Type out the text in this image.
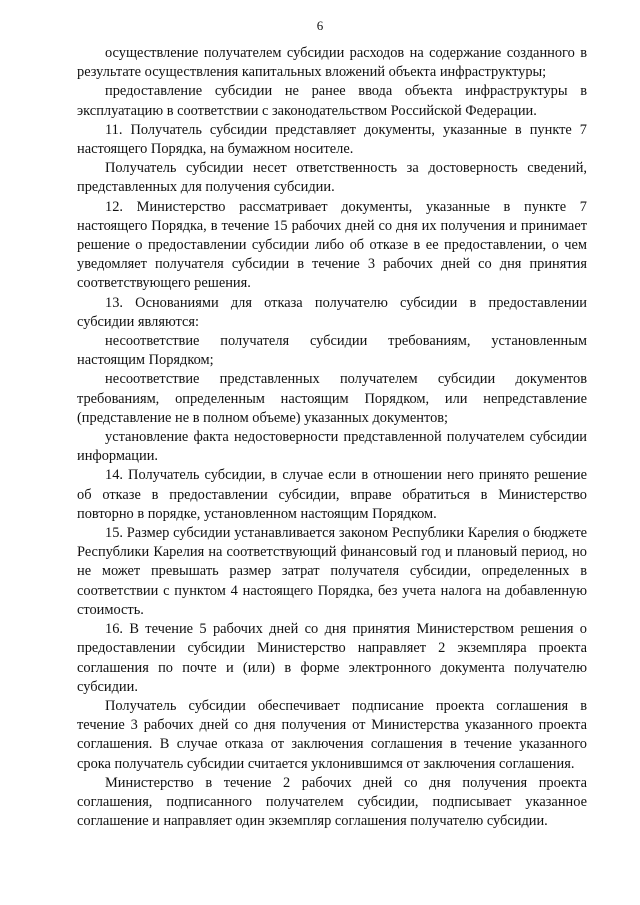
6

осуществление получателем субсидии расходов на содержание созданного в результате осуществления капитальных вложений объекта инфраструктуры;

предоставление субсидии не ранее ввода объекта инфраструктуры в эксплуатацию в соответствии с законодательством Российской Федерации.

11. Получатель субсидии представляет документы, указанные в пункте 7 настоящего Порядка, на бумажном носителе.

Получатель субсидии несет ответственность за достоверность сведений, представленных для получения субсидии.

12. Министерство рассматривает документы, указанные в пункте 7 настоящего Порядка, в течение 15 рабочих дней со дня их получения и принимает решение о предоставлении субсидии либо об отказе в ее предоставлении, о чем уведомляет получателя субсидии в течение 3 рабочих дней со дня принятия соответствующего решения.

13. Основаниями для отказа получателю субсидии в предоставлении субсидии являются:

несоответствие получателя субсидии требованиям, установленным настоящим Порядком;

несоответствие представленных получателем субсидии документов требованиям, определенным настоящим Порядком, или непредставление (представление не в полном объеме) указанных документов;

установление факта недостоверности представленной получателем субсидии информации.

14. Получатель субсидии, в случае если в отношении него принято решение об отказе в предоставлении субсидии, вправе обратиться в Министерство повторно в порядке, установленном настоящим Порядком.

15. Размер субсидии устанавливается законом Республики Карелия о бюджете Республики Карелия на соответствующий финансовый год и плановый период, но не может превышать размер затрат получателя субсидии, определенных в соответствии с пунктом 4 настоящего Порядка, без учета налога на добавленную стоимость.

16. В течение 5 рабочих дней со дня принятия Министерством решения о предоставлении субсидии Министерство направляет 2 экземпляра проекта соглашения по почте и (или) в форме электронного документа получателю субсидии.

Получатель субсидии обеспечивает подписание проекта соглашения в течение 3 рабочих дней со дня получения от Министерства указанного проекта соглашения. В случае отказа от заключения соглашения в течение указанного срока получатель субсидии считается уклонившимся от заключения соглашения.

Министерство в течение 2 рабочих дней со дня получения проекта соглашения, подписанного получателем субсидии, подписывает указанное соглашение и направляет один экземпляр соглашения получателю субсидии.
